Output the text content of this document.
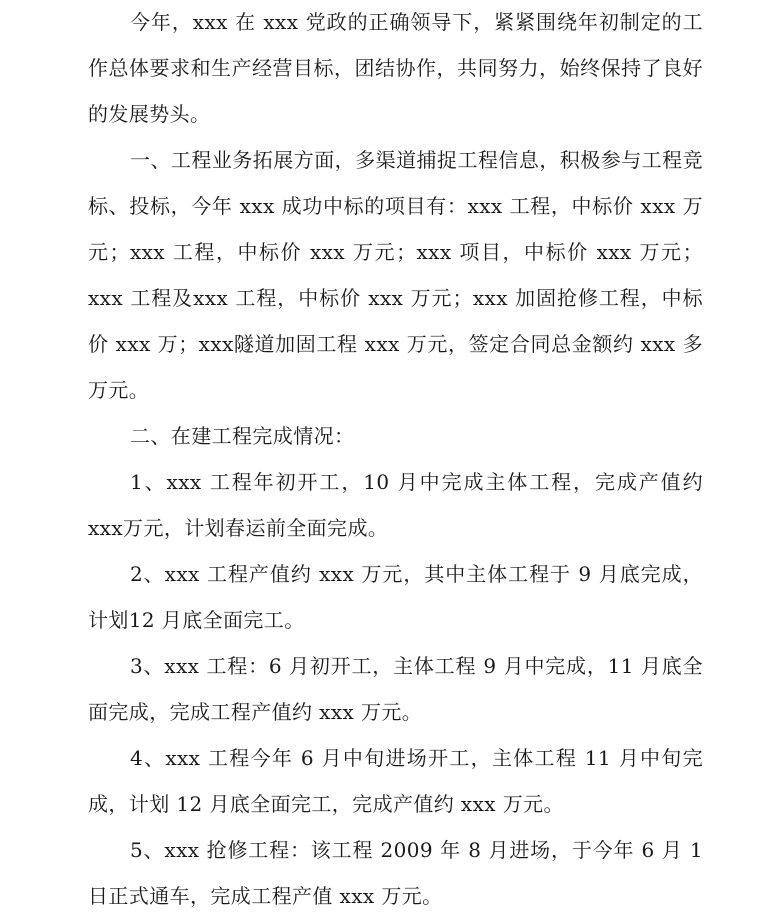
今年，xxx 在 xxx 党政的正确领导下，紧紧围绕年初制定的工作总体要求和生产经营目标，团结协作，共同努力，始终保持了良好的发展势头。

一、工程业务拓展方面，多渠道捕捉工程信息，积极参与工程竞标、投标，今年 xxx 成功中标的项目有：xxx 工程，中标价 xxx 万元；xxx 工程，中标价 xxx 万元；xxx 项目，中标价 xxx 万元；xxx 工程及xxx 工程，中标价 xxx 万元；xxx 加固抢修工程，中标价 xxx 万；xxx隧道加固工程 xxx 万元，签定合同总金额约 xxx 多万元。

二、在建工程完成情况：

1、xxx 工程年初开工，10 月中完成主体工程，完成产值约 xxx万元，计划春运前全面完成。

2、xxx 工程产值约 xxx 万元，其中主体工程于 9 月底完成，计划12 月底全面完工。

3、xxx 工程：6 月初开工，主体工程 9 月中完成，11 月底全面完成，完成工程产值约 xxx 万元。

4、xxx 工程今年 6 月中旬进场开工，主体工程 11 月中旬完成，计划 12 月底全面完工，完成产值约 xxx 万元。

5、xxx 抢修工程：该工程 2009 年 8 月进场，于今年 6 月 1 日正式通车，完成工程产值 xxx 万元。
